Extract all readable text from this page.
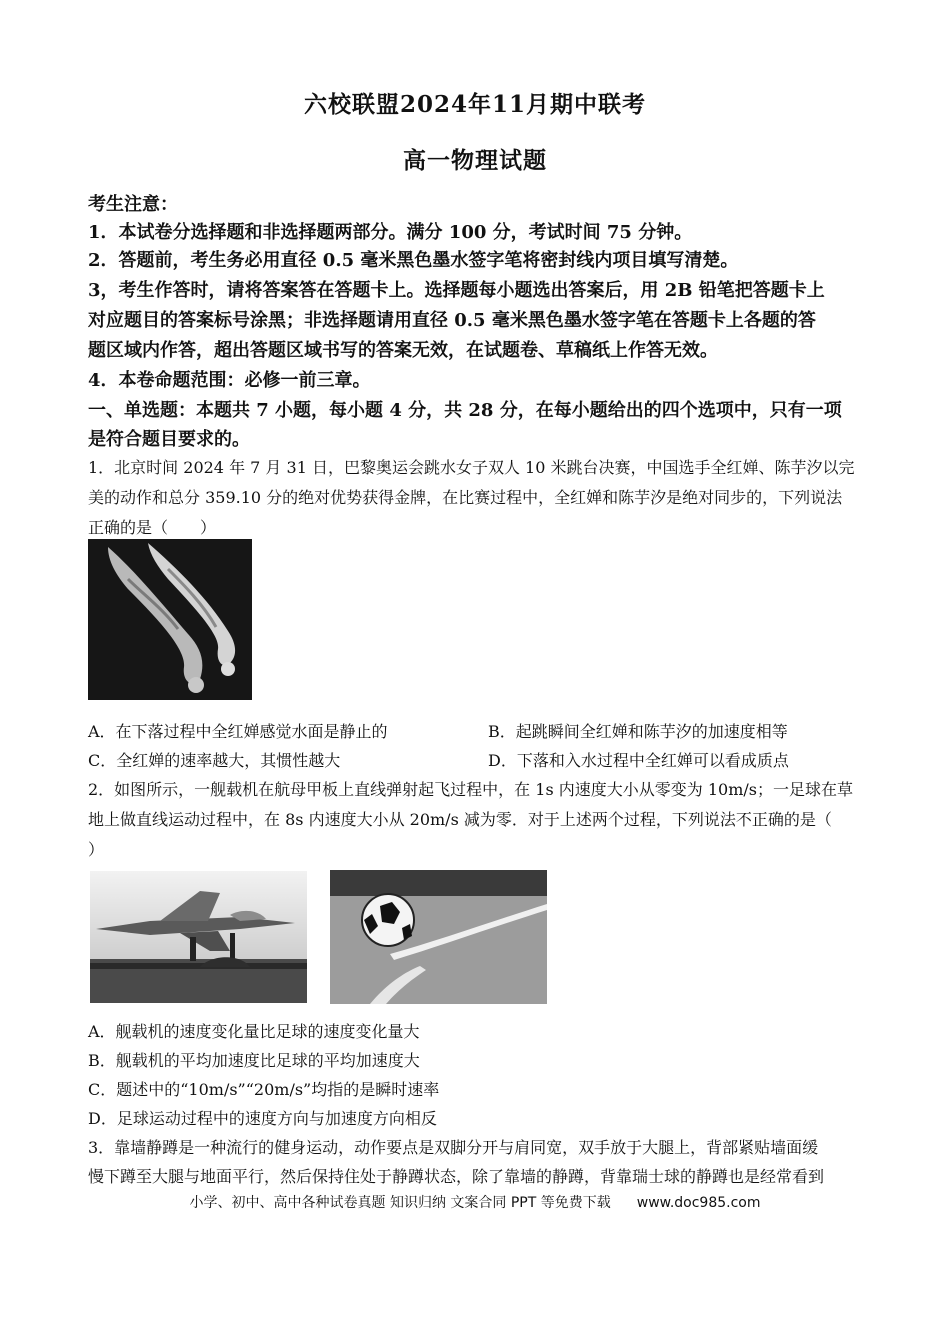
六校联盟2024年11月期中联考
高一物理试题
考生注意：
1．本试卷分选择题和非选择题两部分。满分 100 分，考试时间 75 分钟。
2．答题前，考生务必用直径 0.5 毫米黑色墨水签字笔将密封线内项目填写清楚。
3，考生作答时，请将答案答在答题卡上。选择题每小题选出答案后，用 2B 铅笔把答题卡上
对应题目的答案标号涂黑；非选择题请用直径 0.5 毫米黑色墨水签字笔在答题卡上各题的答
题区域内作答，超出答题区域书写的答案无效，在试题卷、草稿纸上作答无效。
4．本卷命题范围：必修一前三章。
一、单选题：本题共 7 小题，每小题 4 分，共 28 分，在每小题给出的四个选项中，只有一项
是符合题目要求的。
1．北京时间 2024 年 7 月 31 日，巴黎奥运会跳水女子双人 10 米跳台决赛，中国选手全红婵、陈芋汐以完
美的动作和总分 359.10 分的绝对优势获得金牌，在比赛过程中，全红婵和陈芋汐是绝对同步的，下列说法
正确的是（　　）
A．在下落过程中全红婵感觉水面是静止的	B．起跳瞬间全红婵和陈芋汐的加速度相等
C．全红婵的速率越大，其惯性越大	D．下落和入水过程中全红婵可以看成质点
2．如图所示，一舰载机在航母甲板上直线弹射起飞过程中，在 1s 内速度大小从零变为 10m/s；一足球在草
地上做直线运动过程中，在 8s 内速度大小从 20m/s 减为零．对于上述两个过程，下列说法不正确的是（
）
A．舰载机的速度变化量比足球的速度变化量大
B．舰载机的平均加速度比足球的平均加速度大
C．题述中的“10m/s”“20m/s”均指的是瞬时速率
D．足球运动过程中的速度方向与加速度方向相反
3．靠墙静蹲是一种流行的健身运动，动作要点是双脚分开与肩同宽，双手放于大腿上，背部紧贴墙面缓
慢下蹲至大腿与地面平行，然后保持住处于静蹲状态，除了靠墙的静蹲，背靠瑞士球的静蹲也是经常看到
小学、初中、高中各种试卷真题 知识归纳 文案合同 PPT 等免费下载 www.doc985.com
